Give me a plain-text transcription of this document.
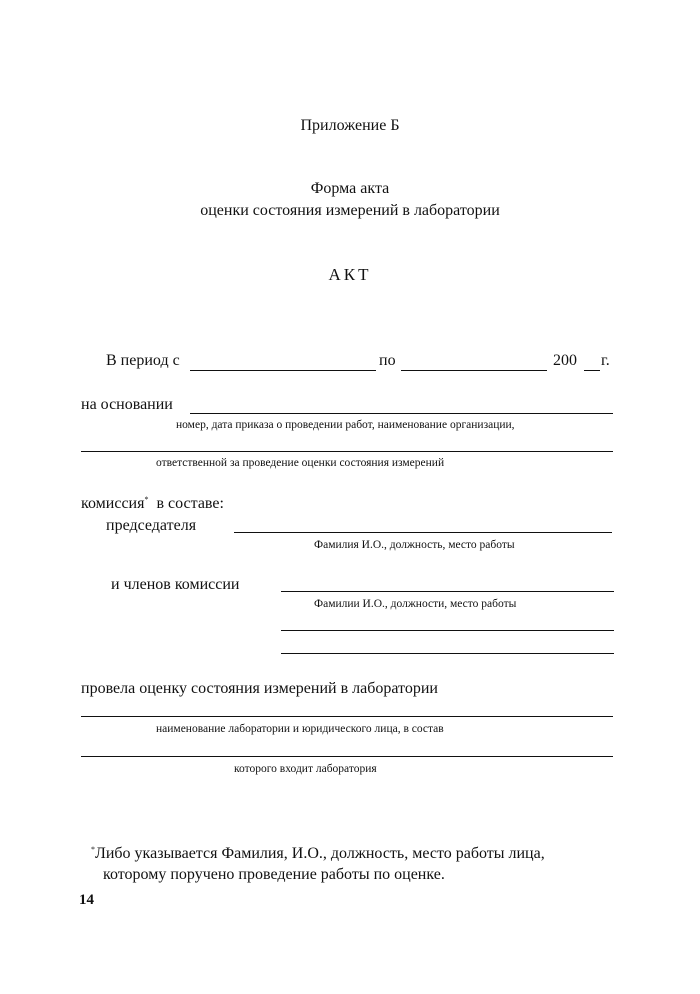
Приложение Б
Форма акта
оценки состояния измерений в лаборатории
АКТ
В период с	по	200 г.
на основании
номер, дата приказа о проведении работ, наименование организации,
ответственной за проведение оценки состояния измерений
комиссия* в составе:
председателя
Фамилия И.О., должность, место работы
и членов комиссии
Фамилии И.О., должности, место работы
провела оценку состояния измерений в лаборатории
наименование лаборатории и юридического лица, в состав
которого входит лаборатория
*Либо указывается Фамилия, И.О., должность, место работы лица,
которому поручено проведение работы по оценке.
14
